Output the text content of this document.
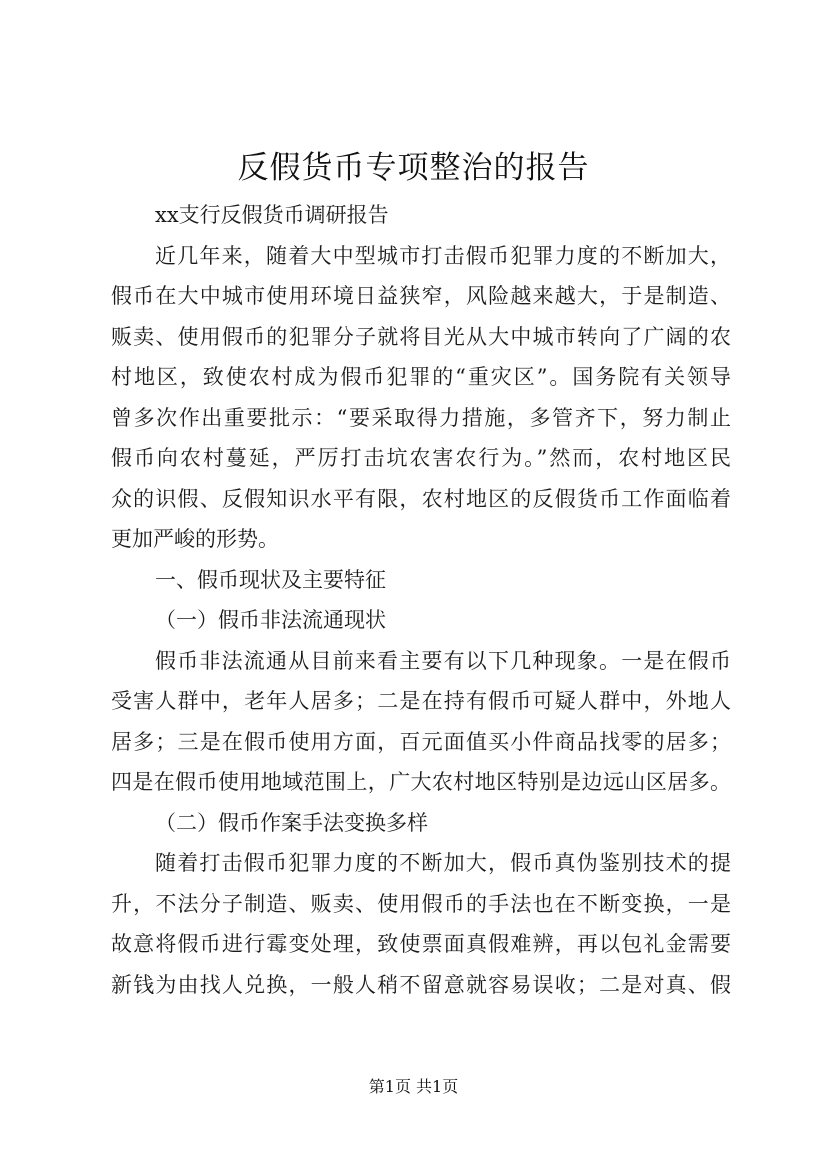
反假货币专项整治的报告
xx支行反假货币调研报告
近几年来，随着大中型城市打击假币犯罪力度的不断加大，
假币在大中城市使用环境日益狭窄，风险越来越大，于是制造、
贩卖、使用假币的犯罪分子就将目光从大中城市转向了广阔的农
村地区，致使农村成为假币犯罪的“重灾区”。国务院有关领导
曾多次作出重要批示：“要采取得力措施，多管齐下，努力制止
假币向农村蔓延，严厉打击坑农害农行为。”然而，农村地区民
众的识假、反假知识水平有限，农村地区的反假货币工作面临着
更加严峻的形势。
一、假币现状及主要特征
（一）假币非法流通现状
假币非法流通从目前来看主要有以下几种现象。一是在假币
受害人群中，老年人居多；二是在持有假币可疑人群中，外地人
居多；三是在假币使用方面，百元面值买小件商品找零的居多；
四是在假币使用地域范围上，广大农村地区特别是边远山区居多。
（二）假币作案手法变换多样
随着打击假币犯罪力度的不断加大，假币真伪鉴别技术的提
升，不法分子制造、贩卖、使用假币的手法也在不断变换，一是
故意将假币进行霉变处理，致使票面真假难辨，再以包礼金需要
新钱为由找人兑换，一般人稍不留意就容易误收；二是对真、假
第1页 共1页
